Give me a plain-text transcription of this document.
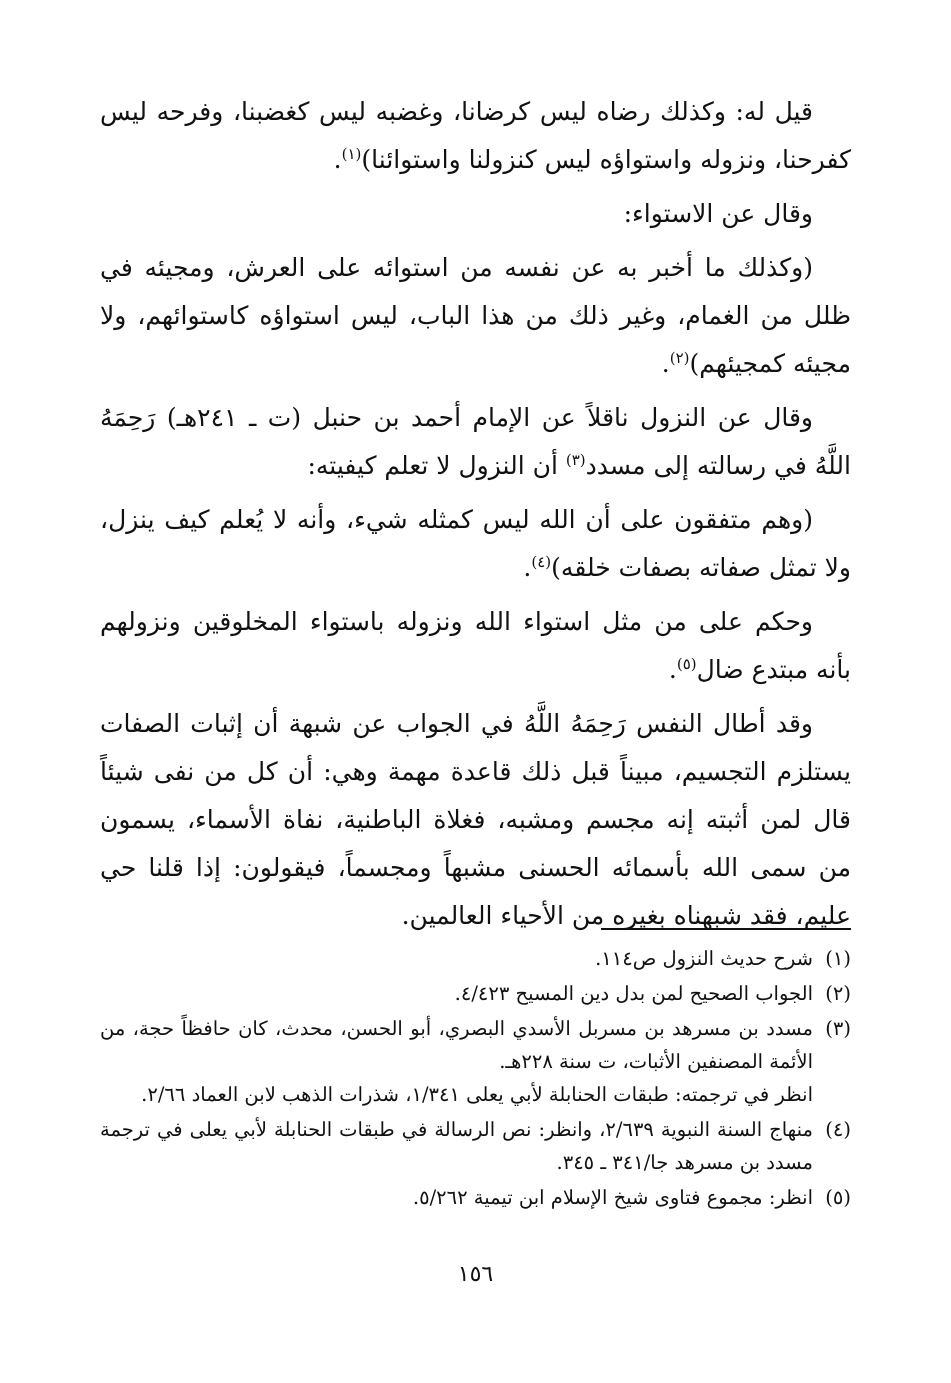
قيل له: وكذلك رضاه ليس كرضانا، وغضبه ليس كغضبنا، وفرحه ليس كفرحنا، ونزوله واستواؤه ليس كنزولنا واستوائنا)$^{(١)}$.

وقال عن الاستواء:

(وكذلك ما أخبر به عن نفسه من استوائه على العرش، ومجيئه في ظلل من الغمام، وغير ذلك من هذا الباب، ليس استواؤه كاستوائهم، ولا مجيئه كمجيئهم)$^{(٢)}$.

وقال عن النزول ناقلاً عن الإمام أحمد بن حنبل (ت ـ ٢٤١هـ) رَحِمَهُ اللَّهُ في رسالته إلى مسدد$^{(٣)}$ أن النزول لا تعلم كيفيته:

(وهم متفقون على أن الله ليس كمثله شيء، وأنه لا يُعلم كيف ينزل، ولا تمثل صفاته بصفات خلقه)$^{(٤)}$.

وحكم على من مثل استواء الله ونزوله باستواء المخلوقين ونزولهم بأنه مبتدع ضال$^{(٥)}$.

وقد أطال النفس رَحِمَهُ اللَّهُ في الجواب عن شبهة أن إثبات الصفات يستلزم التجسيم، مبيناً قبل ذلك قاعدة مهمة وهي: أن كل من نفى شيئاً قال لمن أثبته إنه مجسم ومشبه، فغلاة الباطنية، نفاة الأسماء، يسمون من سمى الله بأسمائه الحسنى مشبهاً ومجسماً، فيقولون: إذا قلنا حي عليم، فقد شبهناه بغيره من الأحياء العالمين.

(١)
شرح حديث النزول ص١١٤.
(٢)
الجواب الصحيح لمن بدل دين المسيح ٤/٤٢٣.
(٣)
مسدد بن مسرهد بن مسربل الأسدي البصري، أبو الحسن، محدث، كان حافظاً حجة، من الأئمة المصنفين الأثبات، ت سنة ٢٢٨هـ.
انظر في ترجمته: طبقات الحنابلة لأبي يعلى ١/٣٤١، شذرات الذهب لابن العماد ٢/٦٦.
(٤)
منهاج السنة النبوية ٢/٦٣٩، وانظر: نص الرسالة في طبقات الحنابلة لأبي يعلى في ترجمة مسدد بن مسرهد جا/٣٤١ ـ ٣٤٥.
(٥)
انظر: مجموع فتاوى شيخ الإسلام ابن تيمية ٥/٢٦٢.
١٥٦
